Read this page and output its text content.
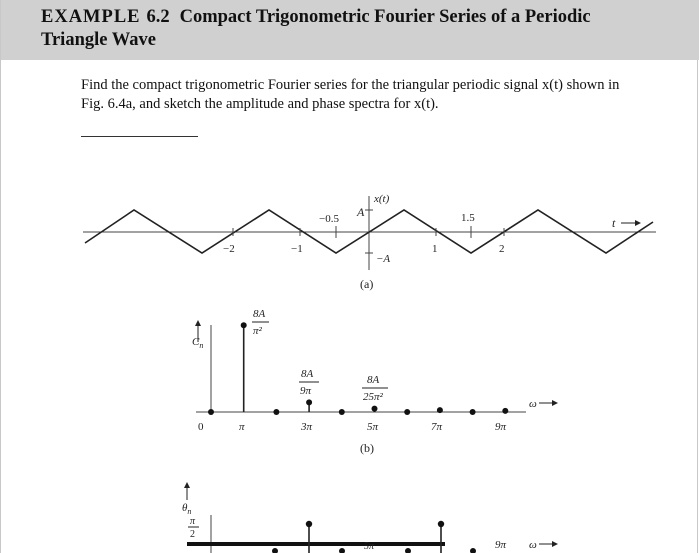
EXAMPLE 6.2 Compact Trigonometric Fourier Series of a Periodic
Triangle Wave
Find the compact trigonometric Fourier series for the triangular periodic signal x(t) shown in
Fig. 6.4a, and sketch the amplitude and phase spectra for x(t).
−2	−1
−0.5
1
1.5
2
A
−A
x(t)
t
(a)
$C_n$
0	π	3π	5π	7π	9π
8A
π²
8A
9π
8A
25π²
ω
(b)
$\theta_n$
π
2
5π	9π ω
